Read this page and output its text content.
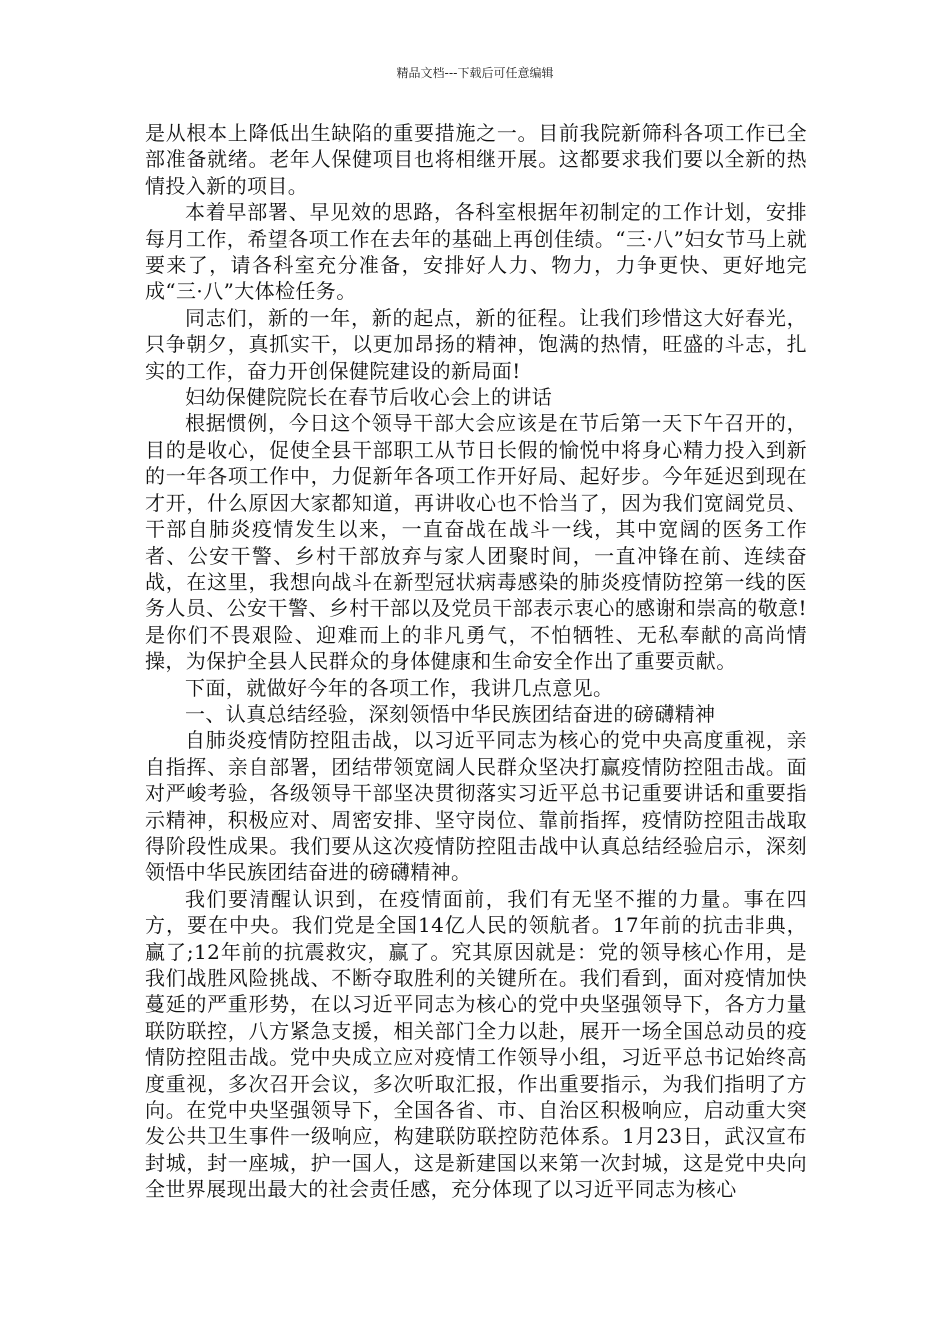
精品文档---下载后可任意编辑

是从根本上降低出生缺陷的重要措施之一。目前我院新筛科各项工作已全部准备就绪。老年人保健项目也将相继开展。这都要求我们要以全新的热情投入新的项目。

本着早部署、早见效的思路，各科室根据年初制定的工作计划，安排每月工作，希望各项工作在去年的基础上再创佳绩。“三·八”妇女节马上就要来了，请各科室充分准备，安排好人力、物力，力争更快、更好地完成“三·八”大体检任务。

同志们，新的一年，新的起点，新的征程。让我们珍惜这大好春光，只争朝夕，真抓实干，以更加昂扬的精神，饱满的热情，旺盛的斗志，扎实的工作，奋力开创保健院建设的新局面!

妇幼保健院院长在春节后收心会上的讲话

根据惯例，今日这个领导干部大会应该是在节后第一天下午召开的，目的是收心，促使全县干部职工从节日长假的愉悦中将身心精力投入到新的一年各项工作中，力促新年各项工作开好局、起好步。今年延迟到现在才开，什么原因大家都知道，再讲收心也不恰当了，因为我们宽阔党员、干部自肺炎疫情发生以来，一直奋战在战斗一线，其中宽阔的医务工作者、公安干警、乡村干部放弃与家人团聚时间，一直冲锋在前、连续奋战，在这里，我想向战斗在新型冠状病毒感染的肺炎疫情防控第一线的医务人员、公安干警、乡村干部以及党员干部表示衷心的感谢和崇高的敬意!是你们不畏艰险、迎难而上的非凡勇气，不怕牺牲、无私奉献的高尚情操，为保护全县人民群众的身体健康和生命安全作出了重要贡献。

下面，就做好今年的各项工作，我讲几点意见。

一、认真总结经验，深刻领悟中华民族团结奋进的磅礴精神

自肺炎疫情防控阻击战，以习近平同志为核心的党中央高度重视，亲自指挥、亲自部署，团结带领宽阔人民群众坚决打赢疫情防控阻击战。面对严峻考验，各级领导干部坚决贯彻落实习近平总书记重要讲话和重要指示精神，积极应对、周密安排、坚守岗位、靠前指挥，疫情防控阻击战取得阶段性成果。我们要从这次疫情防控阻击战中认真总结经验启示，深刻领悟中华民族团结奋进的磅礴精神。

我们要清醒认识到，在疫情面前，我们有无坚不摧的力量。事在四方，要在中央。我们党是全国14亿人民的领航者。17年前的抗击非典，赢了;12年前的抗震救灾，赢了。究其原因就是：党的领导核心作用，是我们战胜风险挑战、不断夺取胜利的关键所在。我们看到，面对疫情加快蔓延的严重形势，在以习近平同志为核心的党中央坚强领导下，各方力量联防联控，八方紧急支援，相关部门全力以赴，展开一场全国总动员的疫情防控阻击战。党中央成立应对疫情工作领导小组，习近平总书记始终高度重视，多次召开会议，多次听取汇报，作出重要指示，为我们指明了方向。在党中央坚强领导下，全国各省、市、自治区积极响应，启动重大突发公共卫生事件一级响应，构建联防联控防范体系。1月23日，武汉宣布封城，封一座城，护一国人，这是新建国以来第一次封城，这是党中央向全世界展现出最大的社会责任感，充分体现了以习近平同志为核心
